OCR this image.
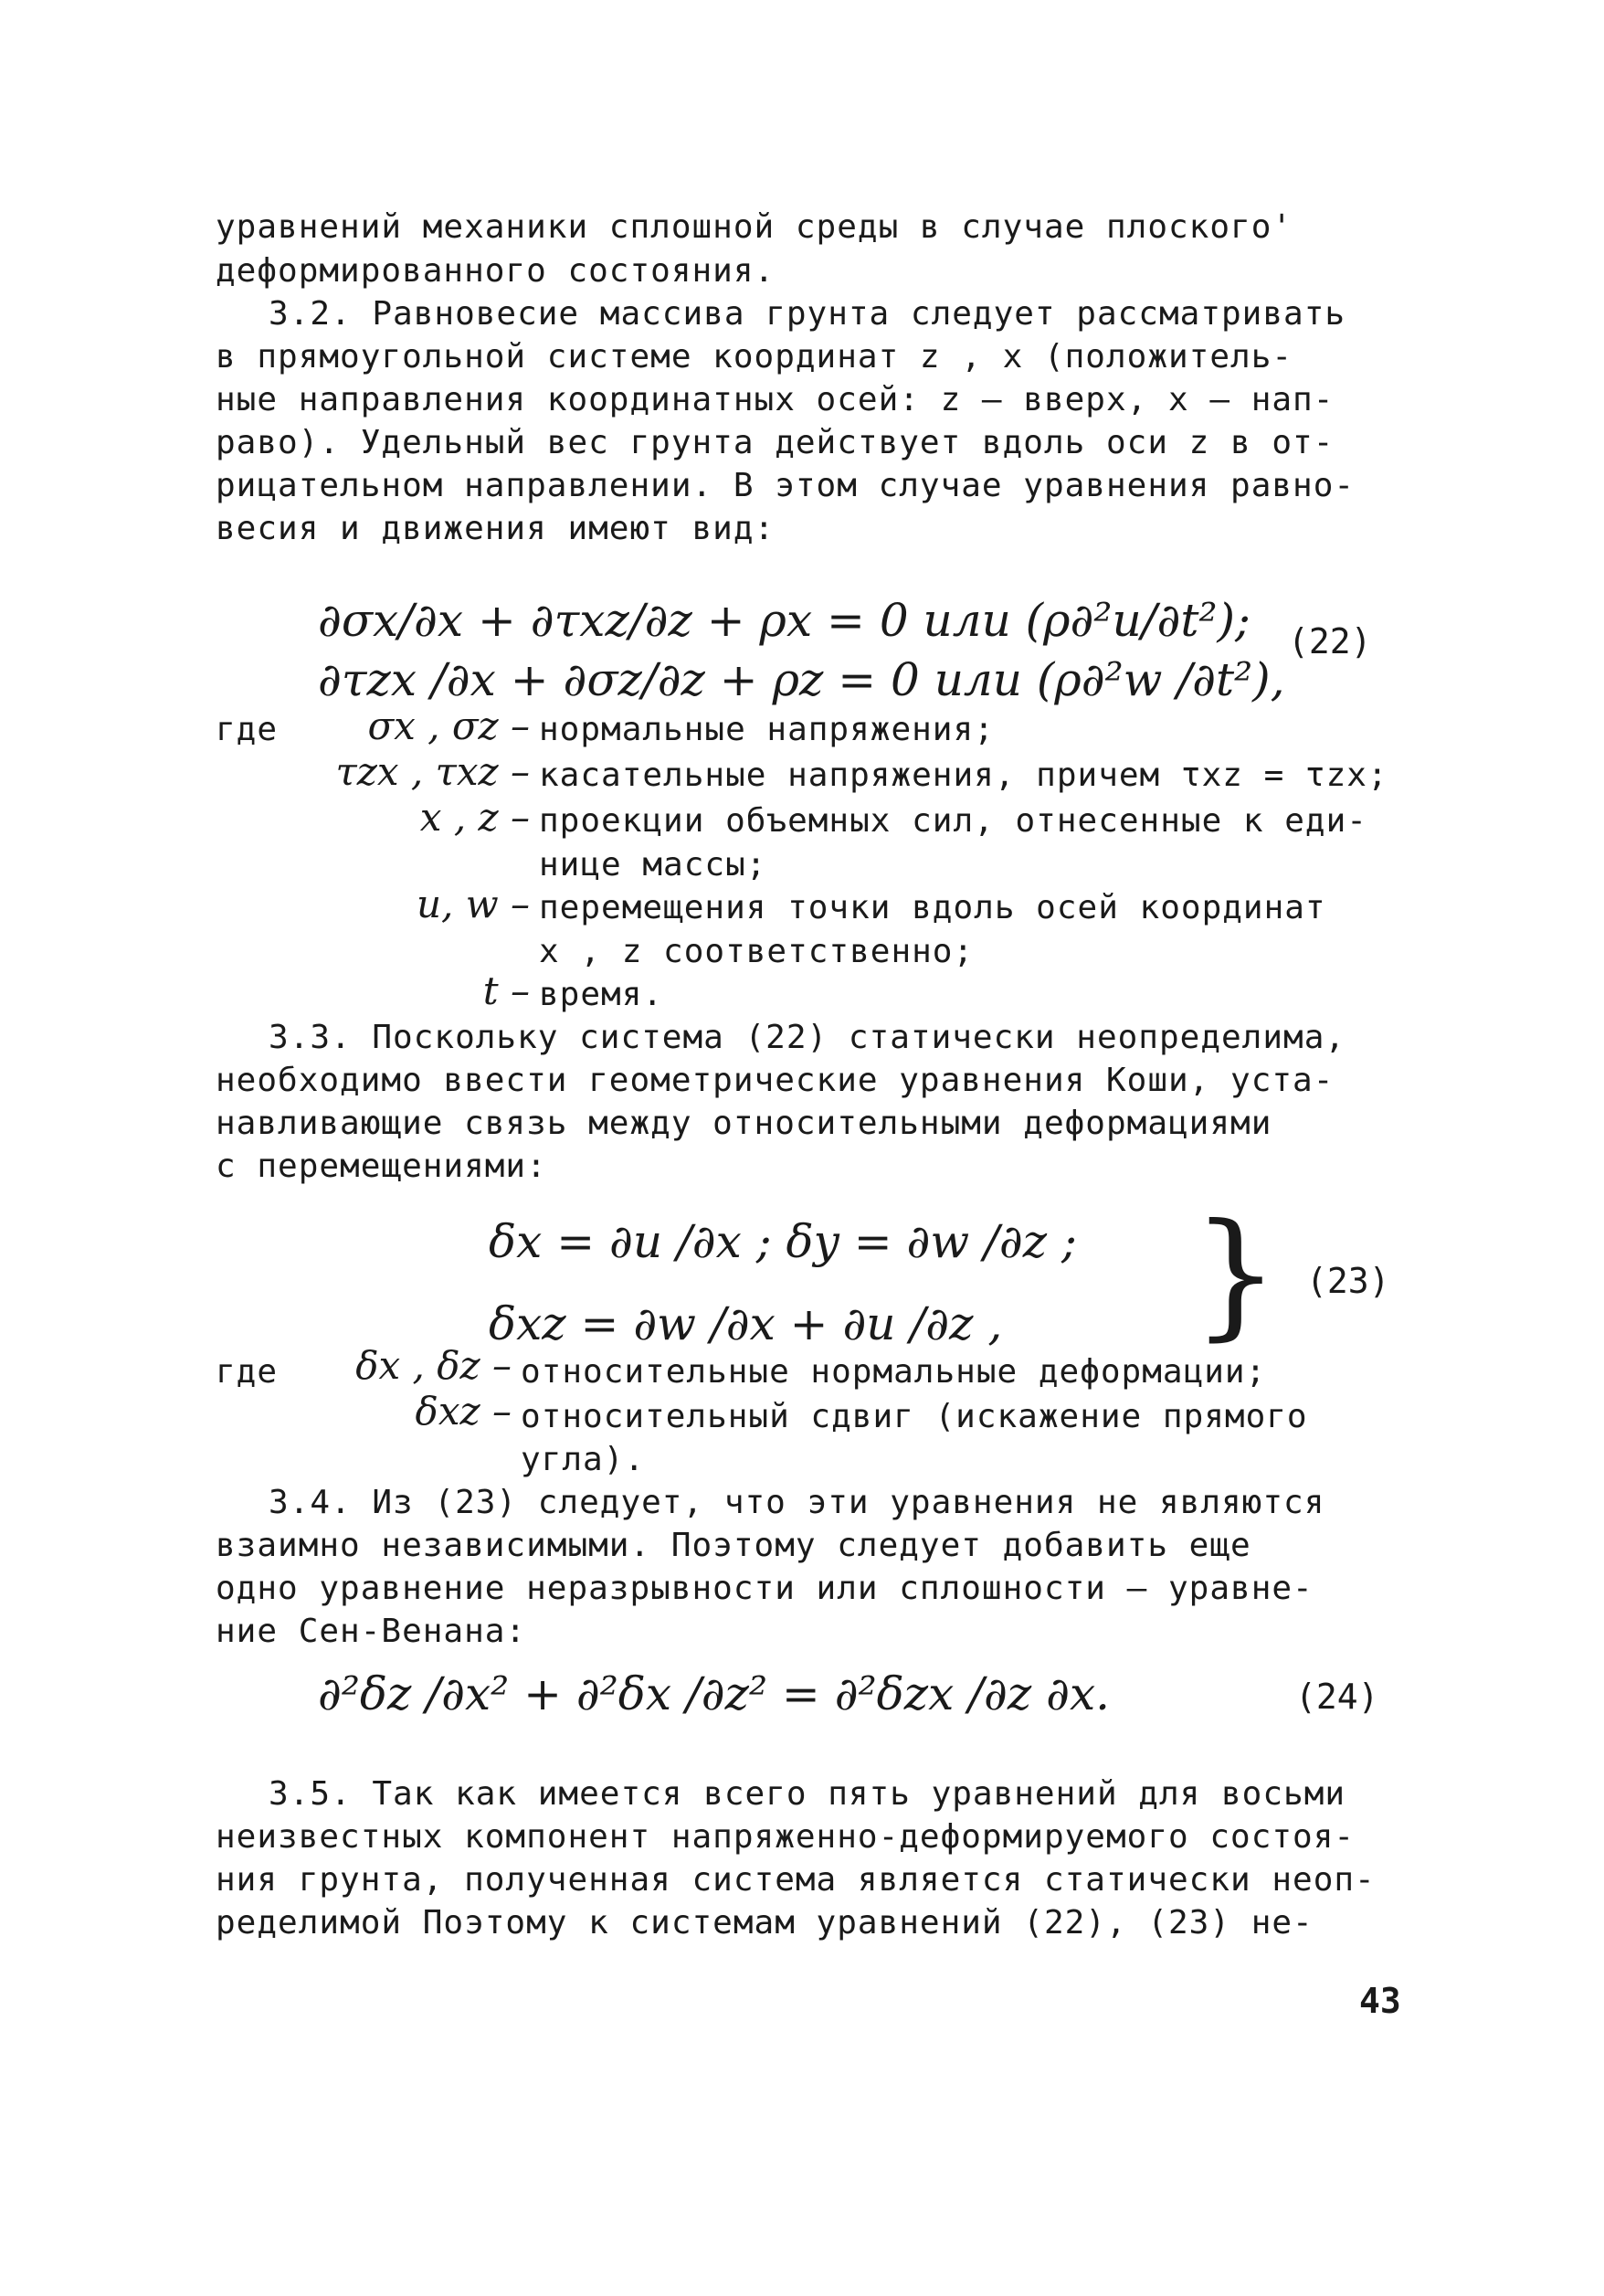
уравнений механики сплошной среды в случае плоского'
деформированного состояния.
3.2. Равновесие массива грунта следует рассматривать
в прямоугольной системе координат z , x (положитель-
ные направления координатных осей: z – вверх, x – нап-
раво). Удельный вес грунта действует вдоль оси z в от-
рицательном направлении. В этом случае уравнения равно-
весия и движения имеют вид:
∂σx/∂x + ∂τxz/∂z + ρx = 0 или (ρ∂²u/∂t²);
∂τzx /∂x + ∂σz/∂z + ρz = 0 или (ρ∂²w /∂t²),
(22)
где	σx , σz – нормальные напряжения;
τzx , τxz – касательные напряжения, причем τxz = τzx;
x , z – проекции объемных сил, отнесенные к еди-
нице массы;
u, w – перемещения точки вдоль осей координат
x , z соответственно;
t – время.
3.3. Поскольку система (22) статически неопределима,
необходимо ввести геометрические уравнения Коши, уста-
навливающие связь между относительными деформациями
с перемещениями:
δx = ∂u /∂x ; δy = ∂w /∂z ;
δxz = ∂w /∂x + ∂u /∂z , } (23)
где	δx , δz – относительные нормальные деформации;
δxz – относительный сдвиг (искажение прямого
угла).
3.4. Из (23) следует, что эти уравнения не являются
взаимно независимыми. Поэтому следует добавить еще
одно уравнение неразрывности или сплошности – уравне-
ние Сен-Венана:
∂²δz /∂x² + ∂²δx /∂z² = ∂²δzx /∂z ∂x.	(24)
3.5. Так как имеется всего пять уравнений для восьми
неизвестных компонент напряженно-деформируемого состоя-
ния грунта, полученная система является статически неоп-
ределимой Поэтому к системам уравнений (22), (23) не-
43
